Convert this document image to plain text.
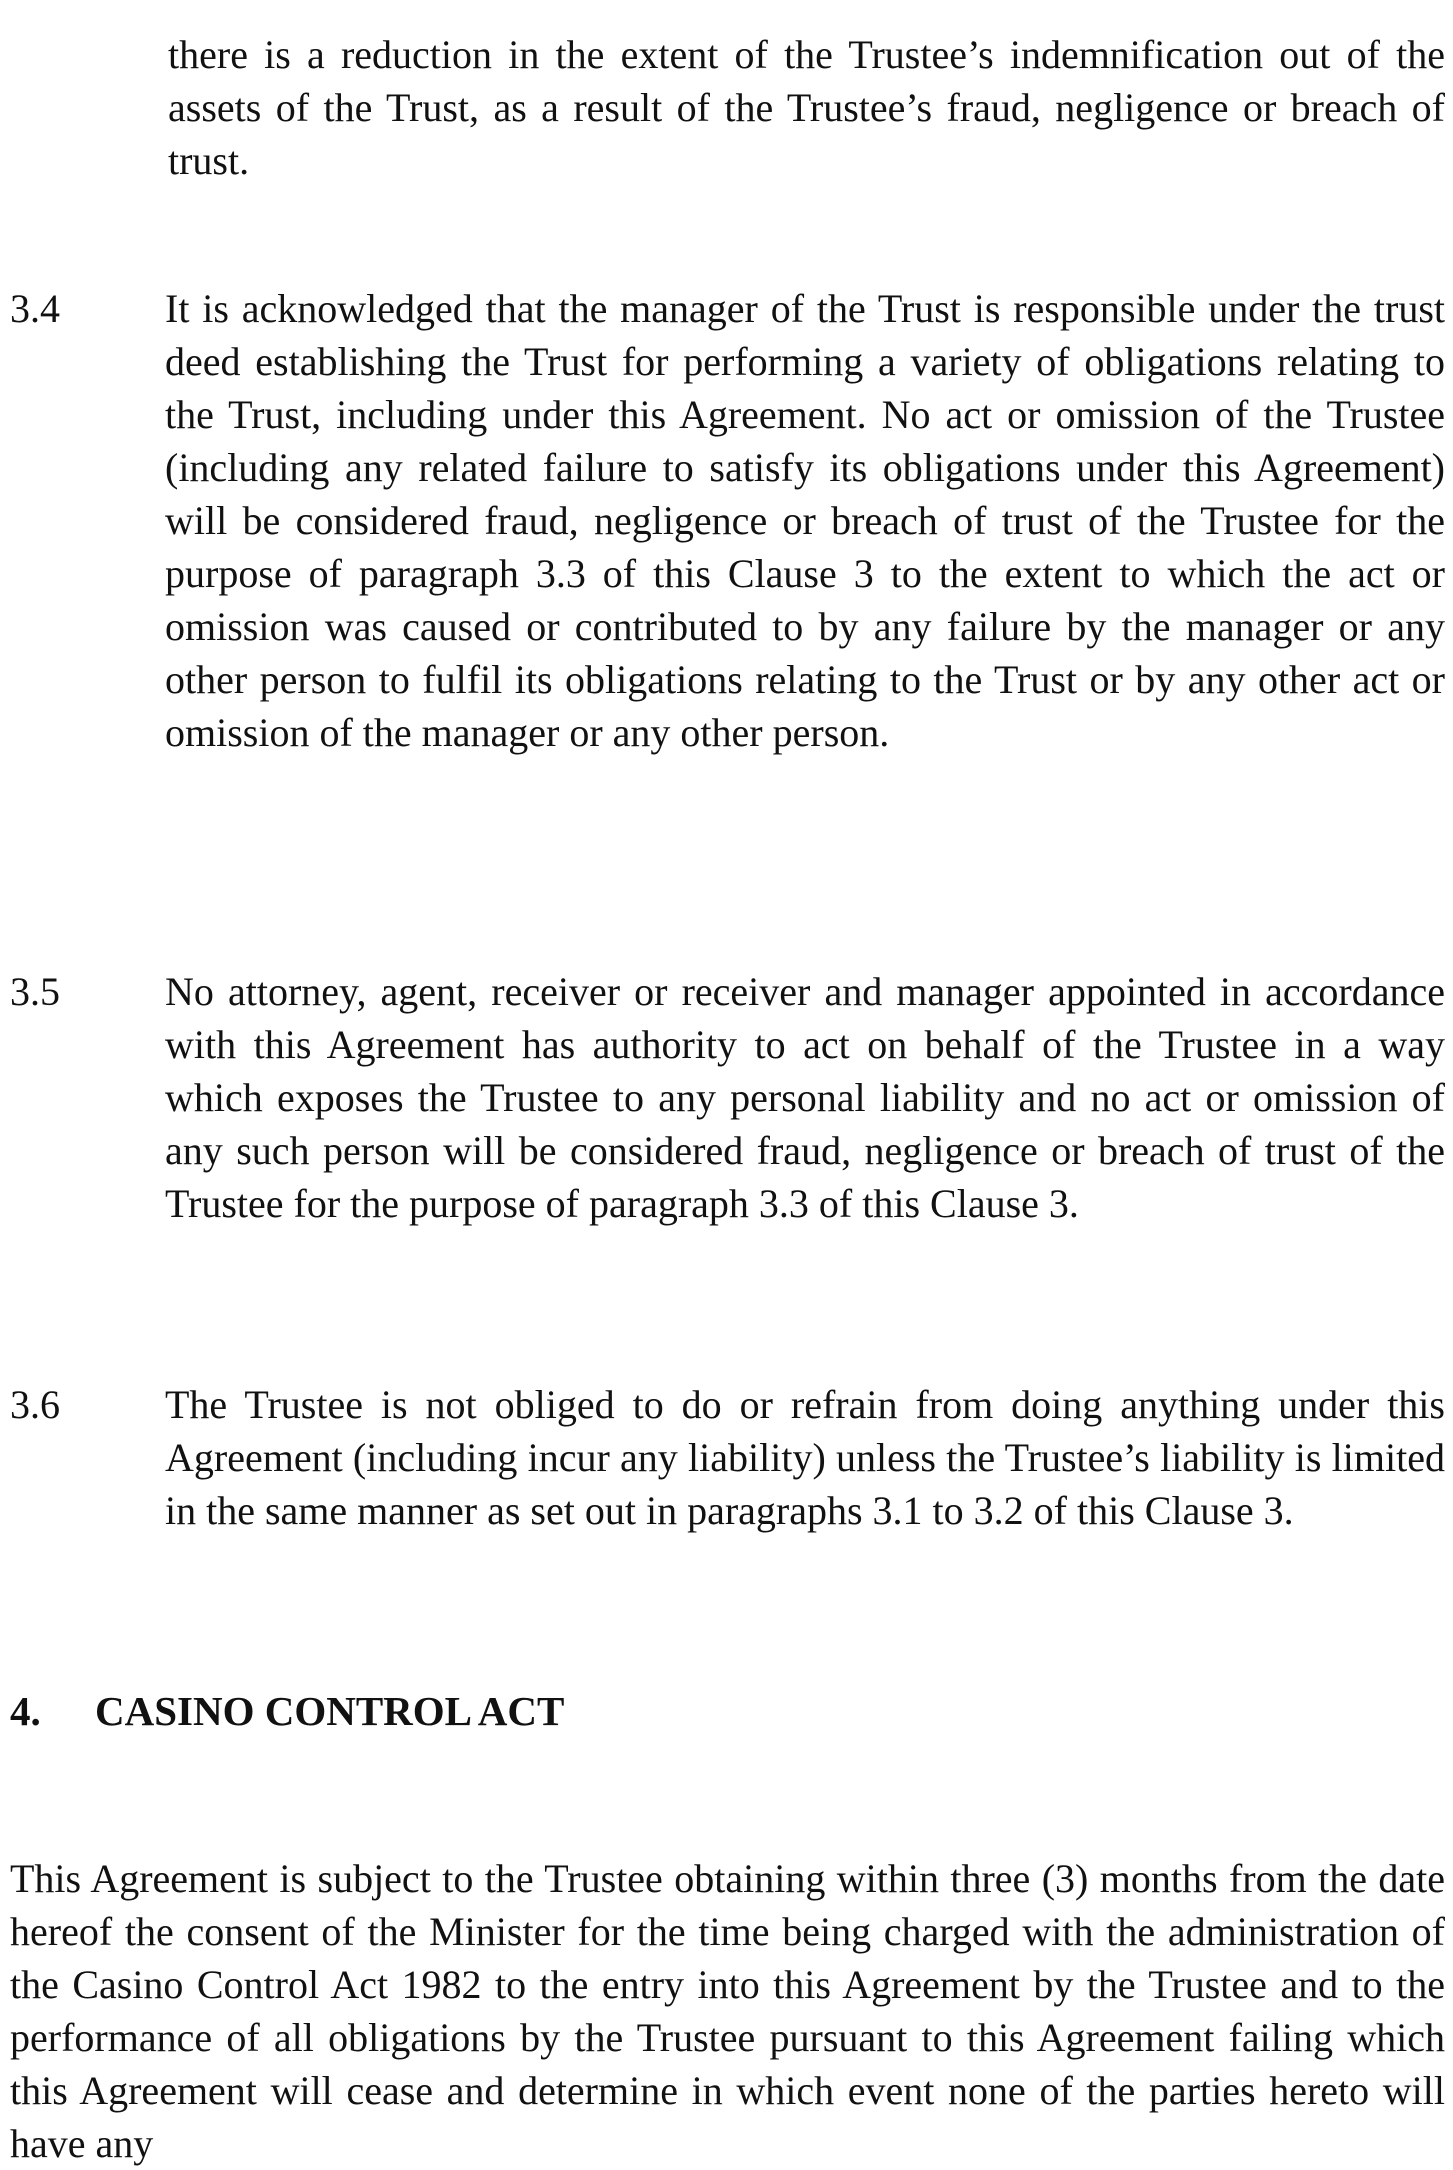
there is a reduction in the extent of the Trustee’s indemnification out of the assets of the Trust, as a result of the Trustee’s fraud, negligence or breach of trust.

3.4	It is acknowledged that the manager of the Trust is responsible under the trust deed establishing the Trust for performing a variety of obligations relating to the Trust, including under this Agreement. No act or omission of the Trustee (including any related failure to satisfy its obligations under this Agreement) will be considered fraud, negligence or breach of trust of the Trustee for the purpose of paragraph 3.3 of this Clause 3 to the extent to which the act or omission was caused or contributed to by any failure by the manager or any other person to fulfil its obligations relating to the Trust or by any other act or omission of the manager or any other person.

3.5	No attorney, agent, receiver or receiver and manager appointed in accordance with this Agreement has authority to act on behalf of the Trustee in a way which exposes the Trustee to any personal liability and no act or omission of any such person will be considered fraud, negligence or breach of trust of the Trustee for the purpose of paragraph 3.3 of this Clause 3.

3.6	The Trustee is not obliged to do or refrain from doing anything under this Agreement (including incur any liability) unless the Trustee’s liability is limited in the same manner as set out in paragraphs 3.1 to 3.2 of this Clause 3.

4. CASINO CONTROL ACT

This Agreement is subject to the Trustee obtaining within three (3) months from the date hereof the consent of the Minister for the time being charged with the administration of the Casino Control Act 1982 to the entry into this Agreement by the Trustee and to the performance of all obligations by the Trustee pursuant to this Agreement failing which this Agreement will cease and determine in which event none of the parties hereto will have any
